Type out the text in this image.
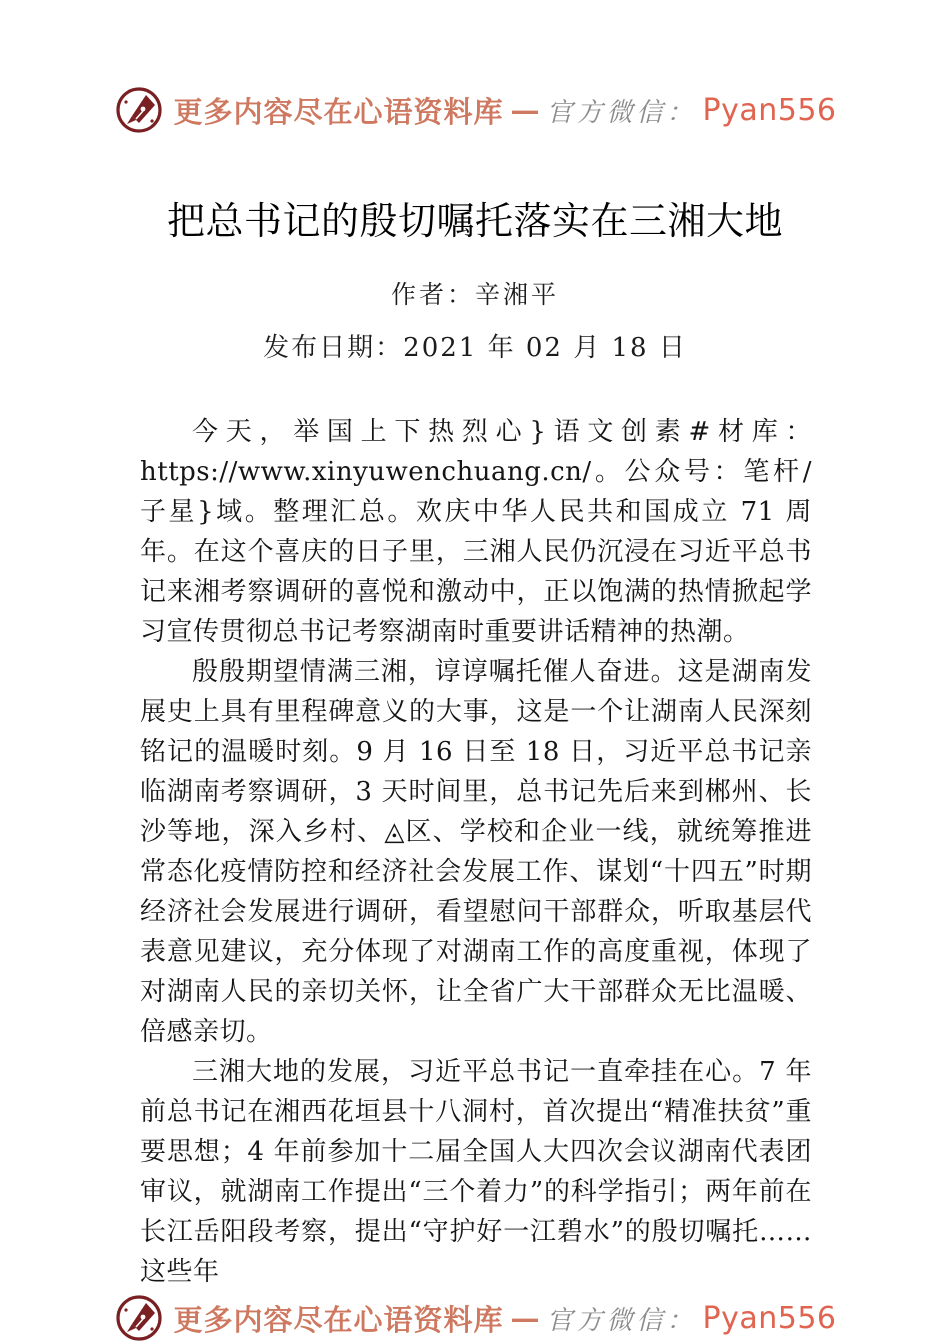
更多内容尽在心语资料库 — 官方微信： Pyan556
把总书记的殷切嘱托落实在三湘大地
作者：辛湘平
发布日期：2021 年 02 月 18 日

今天，举国上下热烈心}语文创素#材库：https://www.xinyuwenchuang.cn/。公众号：笔杆/子星}域。整理汇总。欢庆中华人民共和国成立 71 周年。在这个喜庆的日子里，三湘人民仍沉浸在习近平总书记来湘考察调研的喜悦和激动中，正以饱满的热情掀起学习宣传贯彻总书记考察湖南时重要讲话精神的热潮。

殷殷期望情满三湘，谆谆嘱托催人奋进。这是湖南发展史上具有里程碑意义的大事，这是一个让湖南人民深刻铭记的温暖时刻。9 月 16 日至 18 日，习近平总书记亲临湖南考察调研，3 天时间里，总书记先后来到郴州、长沙等地，深入乡村、◬区、学校和企业一线，就统筹推进常态化疫情防控和经济社会发展工作、谋划“十四五”时期经济社会发展进行调研，看望慰问干部群众，听取基层代表意见建议，充分体现了对湖南工作的高度重视，体现了对湖南人民的亲切关怀，让全省广大干部群众无比温暖、倍感亲切。

三湘大地的发展，习近平总书记一直牵挂在心。7 年前总书记在湘西花垣县十八洞村，首次提出“精准扶贫”重要思想；4 年前参加十二届全国人大四次会议湖南代表团审议，就湖南工作提出“三个着力”的科学指引；两年前在长江岳阳段考察，提出“守护好一江碧水”的殷切嘱托……这些年

更多内容尽在心语资料库 — 官方微信： Pyan556
